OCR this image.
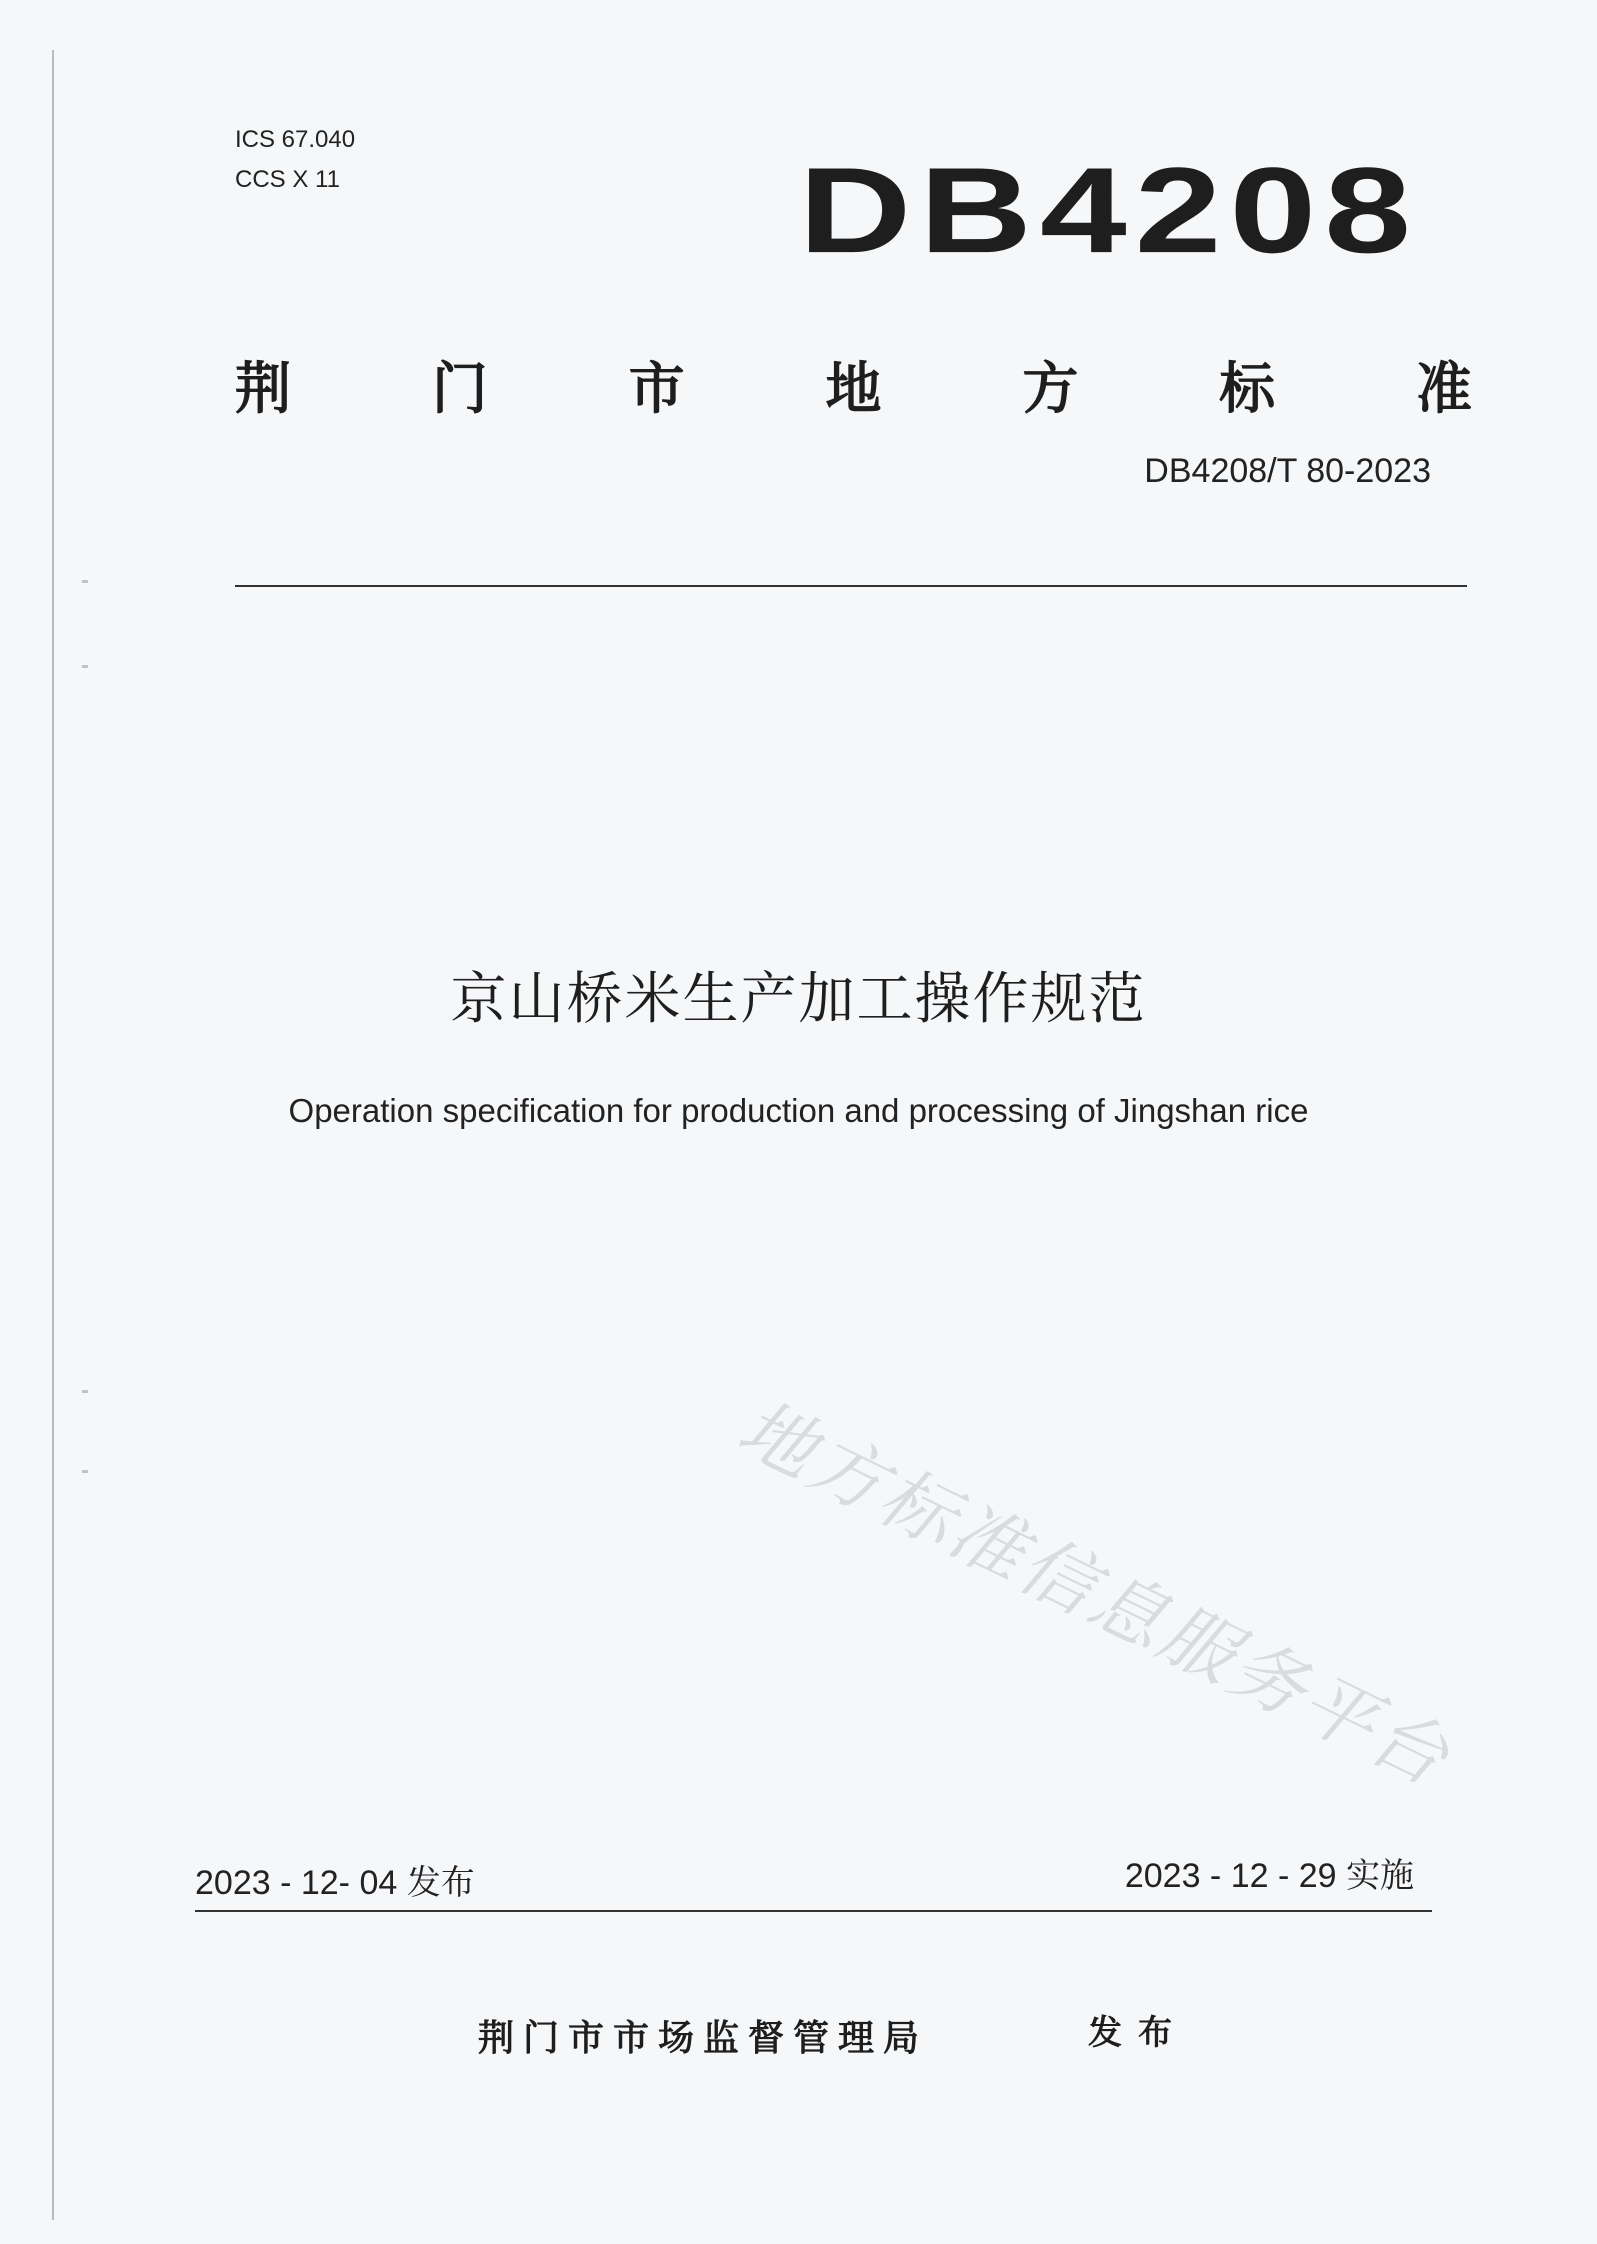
ICS 67.040
CCS X 11	DB4208
荆	门	市	地	方	标	准
DB4208/T 80-2023
京山桥米生产加工操作规范
Operation specification for production and processing of Jingshan rice
地方标准信息服务平台
2023 - 12- 04 发布	2023 - 12 - 29 实施
荆门市市场监督管理局	发布
